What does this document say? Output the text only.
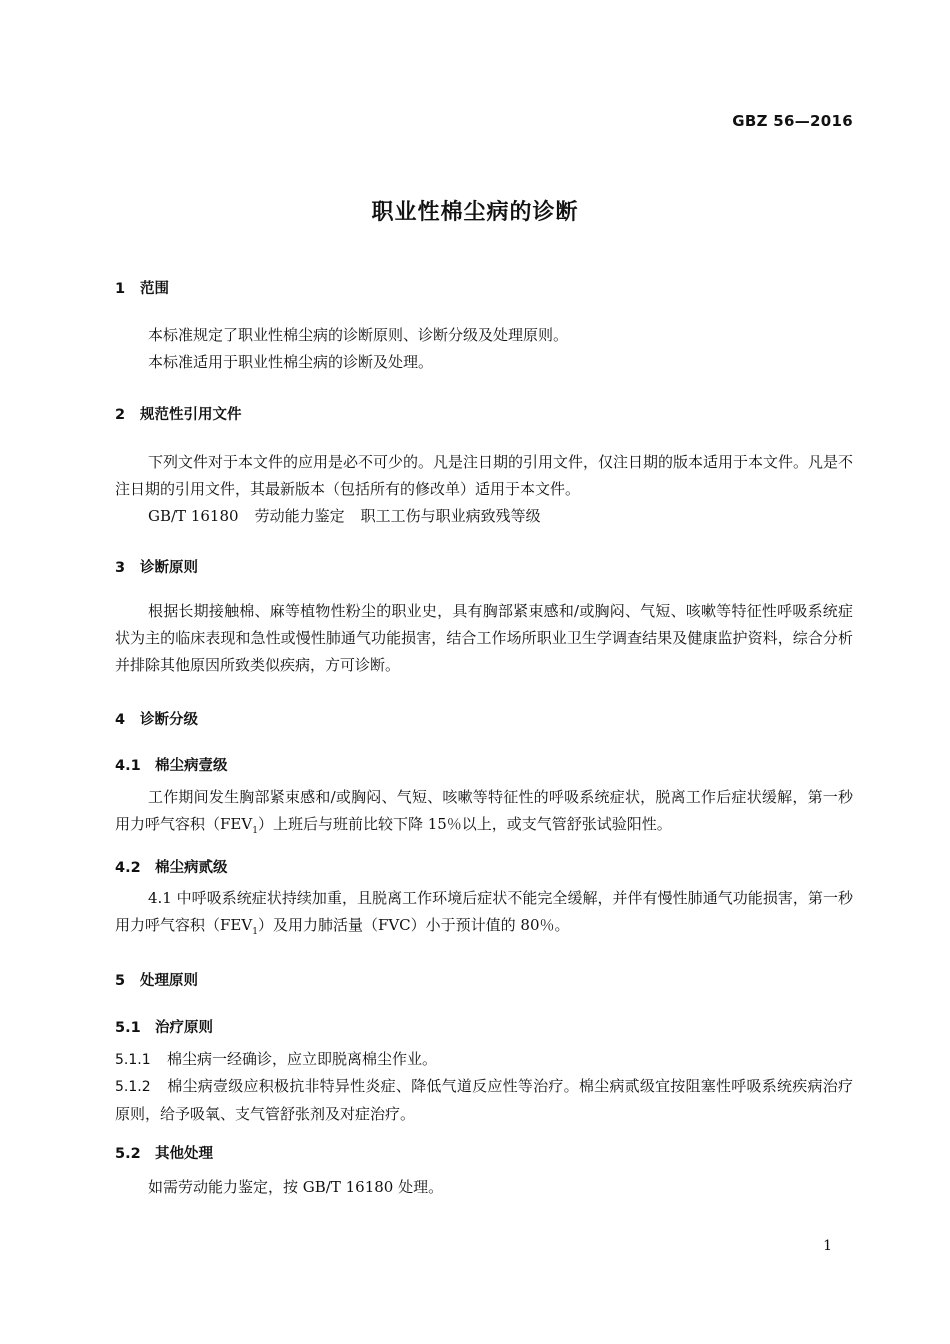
GBZ 56—2016
职业性棉尘病的诊断
1 范围
本标准规定了职业性棉尘病的诊断原则、诊断分级及处理原则。
本标准适用于职业性棉尘病的诊断及处理。
2 规范性引用文件
下列文件对于本文件的应用是必不可少的。凡是注日期的引用文件，仅注日期的版本适用于本文件。凡是不注日期的引用文件，其最新版本（包括所有的修改单）适用于本文件。
GB/T 16180 劳动能力鉴定 职工工伤与职业病致残等级
3 诊断原则
根据长期接触棉、麻等植物性粉尘的职业史，具有胸部紧束感和/或胸闷、气短、咳嗽等特征性呼吸系统症状为主的临床表现和急性或慢性肺通气功能损害，结合工作场所职业卫生学调查结果及健康监护资料，综合分析并排除其他原因所致类似疾病，方可诊断。
4 诊断分级
4.1 棉尘病壹级
工作期间发生胸部紧束感和/或胸闷、气短、咳嗽等特征性的呼吸系统症状，脱离工作后症状缓解，第一秒用力呼气容积$(FEV_1)$上班后与班前比较下降 15％以上，或支气管舒张试验阳性。
4.2 棉尘病贰级
4.1 中呼吸系统症状持续加重，且脱离工作环境后症状不能完全缓解，并伴有慢性肺通气功能损害，第一秒用力呼气容积$(FEV_1)$及用力肺活量（FVC）小于预计值的 80％。
5 处理原则
5.1 治疗原则
5.1.1 棉尘病一经确诊，应立即脱离棉尘作业。
5.1.2 棉尘病壹级应积极抗非特异性炎症、降低气道反应性等治疗。棉尘病贰级宜按阻塞性呼吸系统疾病治疗原则，给予吸氧、支气管舒张剂及对症治疗。
5.2 其他处理
如需劳动能力鉴定，按 GB/T 16180 处理。
1
